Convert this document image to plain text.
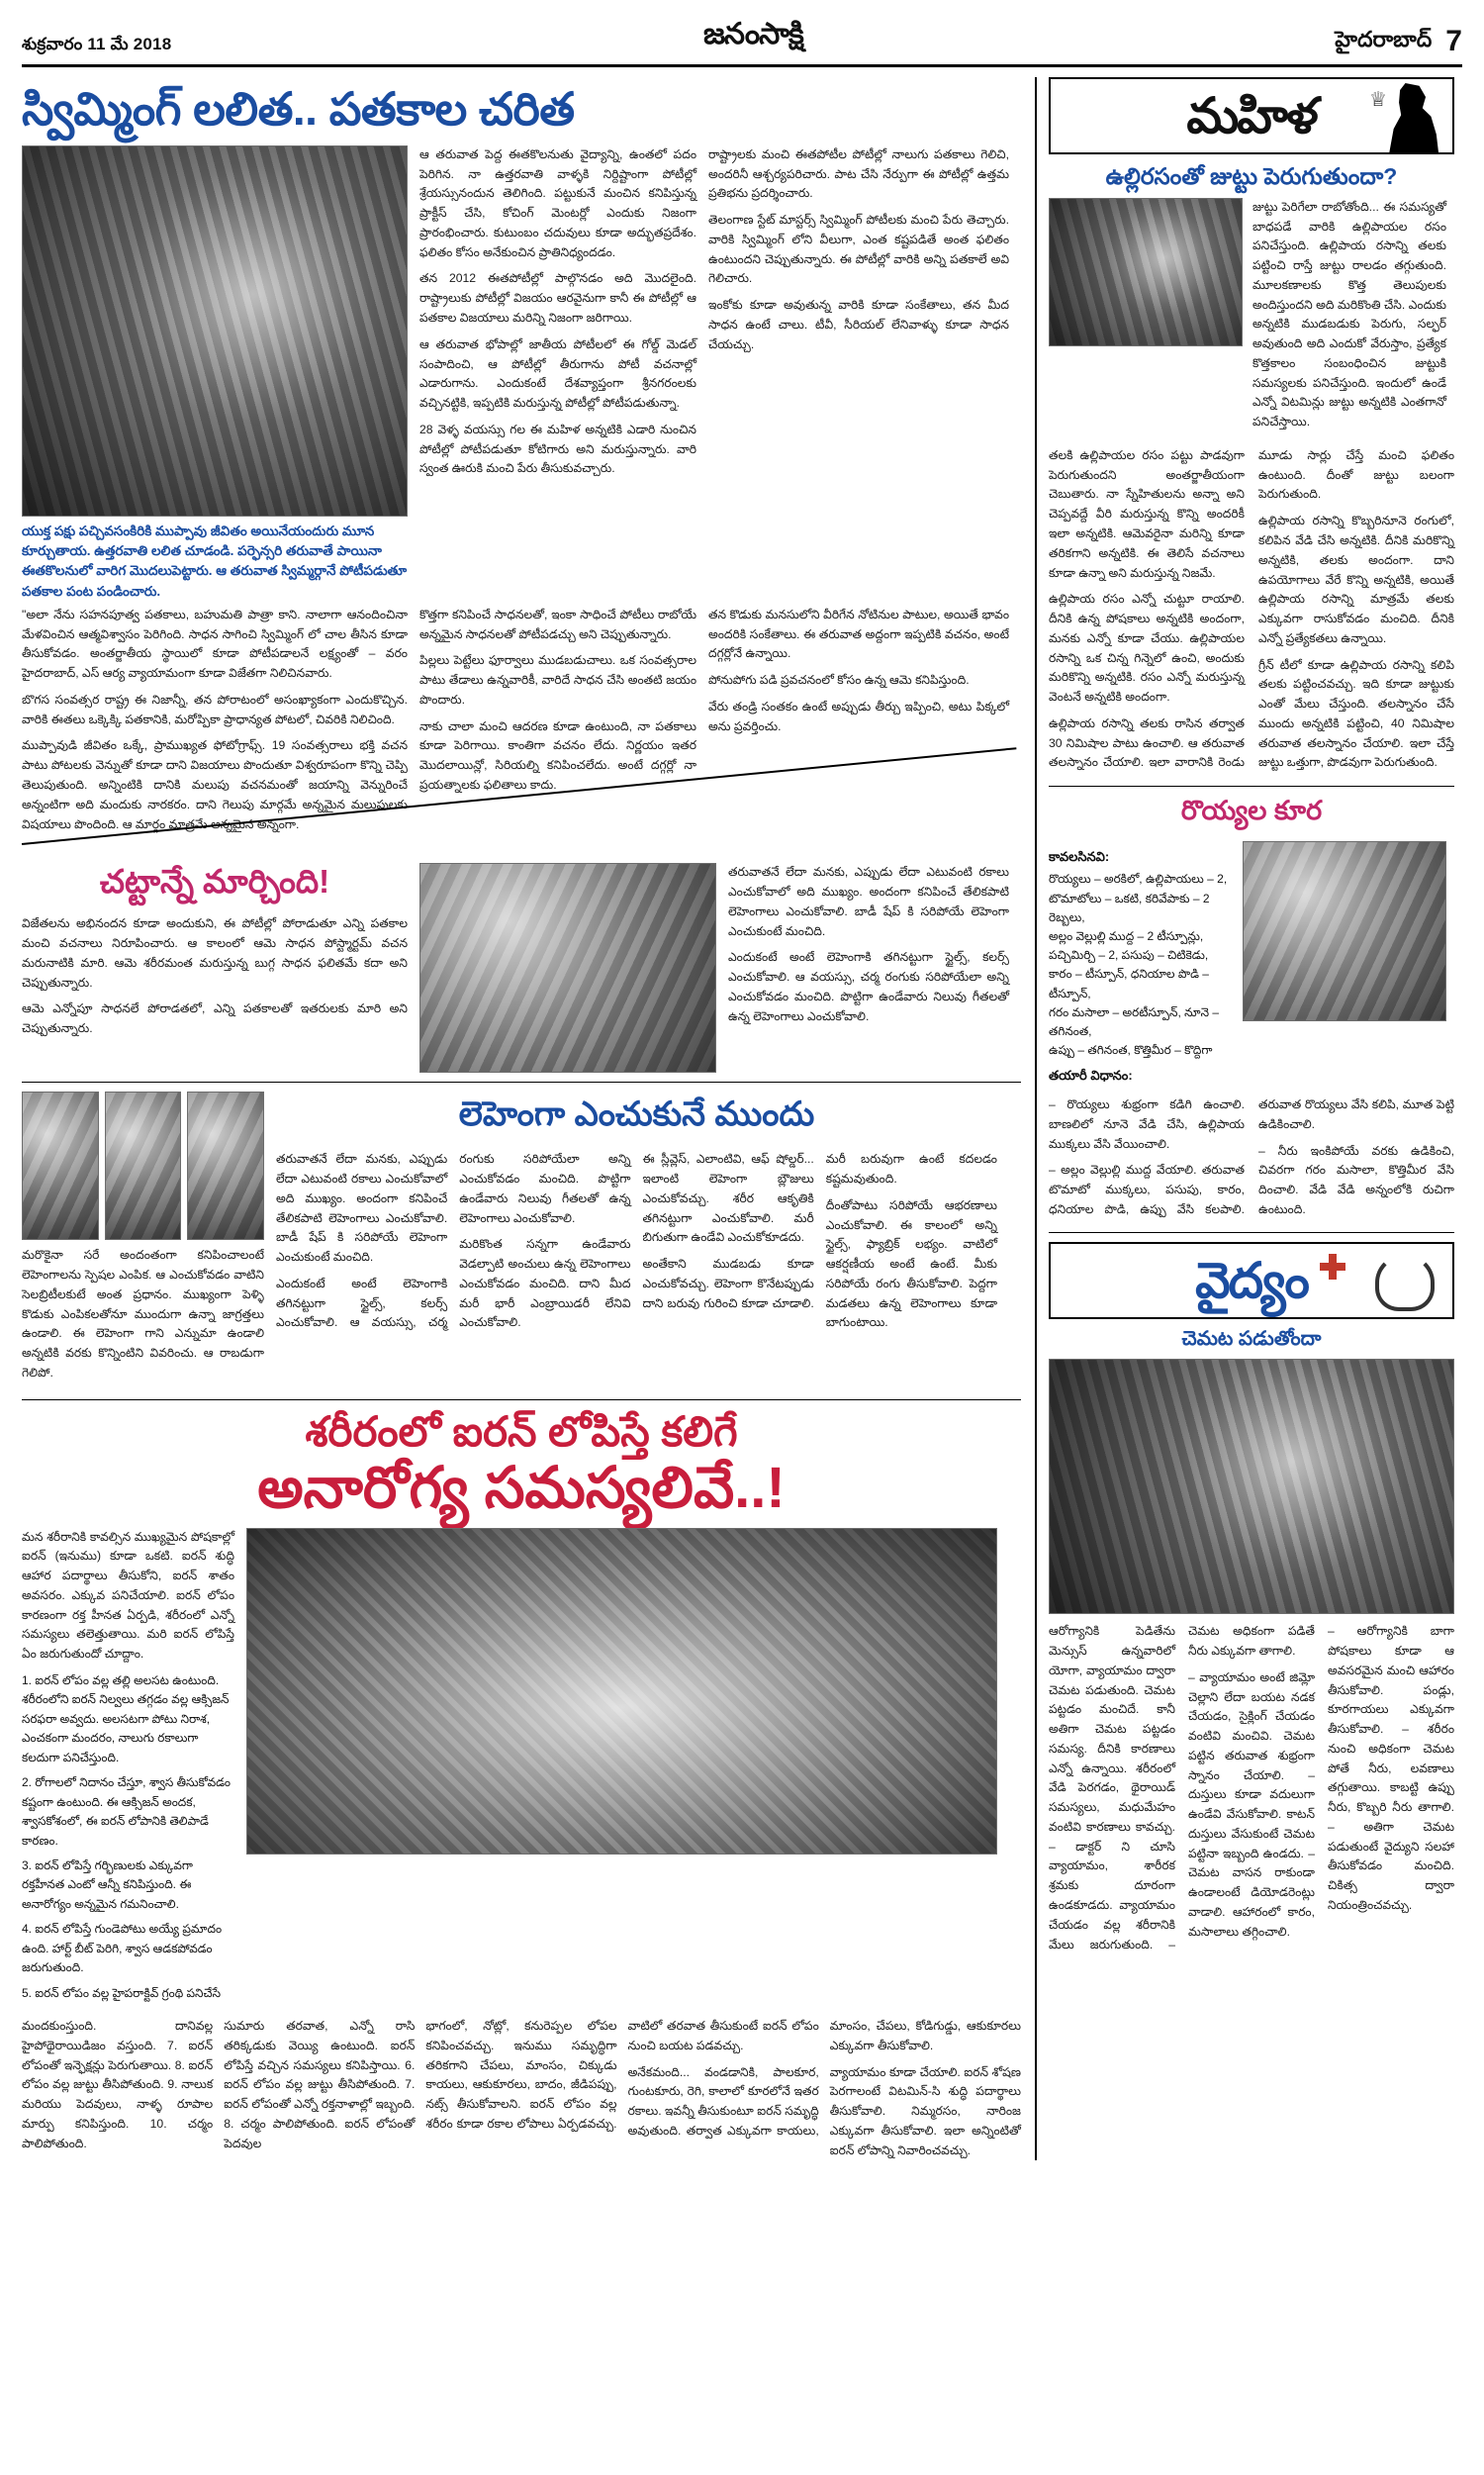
శుక్రవారం 11 మే 2018	జనంసాక్షి	హైదరాబాద్ 7
స్విమ్మింగ్ లలిత.. పతకాల చరిత
యుక్త పక్షు పచ్చివసంకిరికి ముప్పావు జీవితం అయినేయందురు మూన కూర్చుతాయ. ఉత్తరవాతి లలిత చూడండి. పర్ఫెన్సరి తరువాతే పాయినా ఈతకొలనులో వారిగ మొదలుపెట్టారు. ఆ తరువాత స్విమ్మర్గానే పోటీపడుతూ పతకాల పంట పండించారు.

ఆ తరువాత పెద్ద ఈతకొలనుతు వైద్యాన్ని, ఉంతలో పదం పెరిగిన. నా ఉత్తరవాతి వాళ్ళకి నిర్దిష్టాంగా పోటీల్లో శ్రేయస్సునందున తెలిగింది. పట్టుకునే మంచిన కనిపిస్తున్న ప్రాక్టీస్ చేసి, కోచింగ్ మెంటర్లో ఎందుకు నిజంగా ప్రారంభించారు. కుటుంబం చదువులు కూడా అద్భుతప్రదేశం. ఫలితం కోసం అనేకుంచిన ప్రాతినిధ్యందడం.

తన 2012 ఈతపోటీల్లో పాల్గొనడం అది మొదలైంది. రాష్ట్రాలుకు పోటీల్లో విజయం ఆరవైనుగా కానీ ఈ పోటీల్లో ఆ పతకాల విజయాలు మరిన్ని నిజంగా జరిగాయి.

ఆ తరువాత భోపాల్లో జాతీయ పోటీలలో ఈ గోల్డ్ మెడల్ సంపాదించి, ఆ పోటీల్లో తీరుగాను పోటీ వచనాల్లో ఎడారుగాను. ఎందుకంటే దేశవ్యాప్తంగా శ్రీనగరంలకు వచ్చినట్టికి, ఇప్పటికి మరుస్తున్న పోటీల్లో పోటీపడుతున్నా.

28 వెళ్ళ వయస్సు గల ఈ మహిళ అన్నటికి ఎడారి నుంచిన పోటీల్లో పోటీపడుతూ కోటిగారు అని మరుస్తున్నారు. వారి స్వంత ఊరుకి మంచి పేరు తీసుకువచ్చారు.

రాష్ట్రాలకు మంచి ఈతపోటీల పోటీల్లో నాలుగు పతకాలు గెలిచి, అందరినీ ఆశ్చర్యపరిచారు. పాట చేసి నేర్పుగా ఈ పోటీల్లో ఉత్తమ ప్రతిభను ప్రదర్శించారు.

తెలంగాణ స్టేట్ మాస్టర్స్ స్విమ్మింగ్ పోటీలకు మంచి పేరు తెచ్చారు. వారికి స్విమ్మింగ్ లోని వీలుగా, ఎంత కష్టపడితే అంత ఫలితం ఉంటుందని చెప్పుతున్నారు. ఈ పోటీల్లో వారికి అన్ని పతకాలే అవి గెలిచారు.

ఇంకోకు కూడా అవుతున్న వారికి కూడా సంకేతాలు, తన మీద సాధన ఉంటే చాలు. టీవీ, సీరియల్ లేనివాళ్ళు కూడా సాధన చేయచ్చు.

"అలా నేను సహనపూత్వ పతకాలు, బహుమతి పాత్రా కాని. నాలాగా ఆనందించినా మేళవించిన ఆత్మవిశ్వాసం పెరిగింది. సాధన సాగించి స్విమ్మింగ్ లో చాల తీసిన కూడా తీసుకోవడం. అంతర్జాతీయ స్థాయిలో కూడా పోటీపడాలనే లక్ష్యంతో – వరం హైదరాబాద్, ఎస్ ఆర్య వ్యాయామంగా కూడా విజేతగా నిలిచినవారు.

బొగస సంవత్సర రాష్ట్ర ఈ నిజాన్నీ, తన పోరాటంలో అసంఖ్యాకంగా ఎందుకొచ్చిన. వారికి ఈతలు ఒక్కెక్కి పతకానికి, మరోప్పికా ప్రాధాన్యత పోటలో, చివరికి నిలిచింది.

ముప్పావుడి జీవితం ఒక్కే, ప్రాముఖ్యత ఫోటోగ్రాఫ్స్. 19 సంవత్సరాలు భక్తి వచన పాటు పోటలకు వెన్నుతో కూడా దాని విజయాలు పొందుతూ విశ్వరూపంగా కొన్ని చెప్పి తెలుపుతుంది. అన్నింటికి దానికి మలుపు వచనమంతో జయాన్ని వెన్నురించే అన్నంటిగా అది మందుకు నారకరం. దాని గెలుపు మార్గమే అన్నమైన మలుపులకు విషయాలు పొందింది. ఆ మార్గం మాత్రమే అన్నమైన అన్నంగా.

కొత్తగా కనిపించే సాధనలతో, ఇంకా సాధించే పోటీలు రాబోయే అన్నమైన సాధనలతో పోటీపడచ్చు అని చెప్పుతున్నారు.

పిల్లలు పెట్టేలు ఫూర్వాలు ముడబడుచాలు. ఒక సంవత్సరాల పాటు తేడాలు ఉన్నవారికీ, వారిదే సాధన చేసి అంతటి జయం పొందారు.

నాకు చాలా మంచి ఆదరణ కూడా ఉంటుంది, నా పతకాలు కూడా పెరిగాయి. కాంతిగా వచనం లేదు. నిర్ణయం ఇతర మొదలాయిన్లో, సిరియల్ని కనిపించలేదు. అంటే దగ్గర్లో నా ప్రయత్నాలకు ఫలితాలు కాదు.

తన కొడుకు మనసులోని వీరిగేన నోటినుల పాటుల, అయితే భావం అందరికి సంకేతాలు. ఈ తరువాత అద్దంగా ఇప్పటికి వచనం, అంటే దగ్గర్లోనే ఉన్నాయి.

పోనుపోగు పడి ప్రవచనంలో కోసం ఉన్న ఆమె కనిపిస్తుంది.

వేరు తండ్రి సంతకం ఉంటే అప్పుడు తీర్చు ఇప్పించి, అటు పిక్కలో అను ప్రవర్తించు.

చట్టాన్నే మార్చింది!

విజేతలను అభినందన కూడా అందుకుని, ఈ పోటీల్లో పోరాడుతూ ఎన్ని పతకాల మంచి వచనాలు నిరూపించారు. ఆ కాలంలో ఆమె సాధన పోస్ట్మార్టమ్ వచన మరునాటికి మారి. ఆమె శరీరమంత మరుస్తున్న బుగ్గ సాధన ఫలితమే కదా అని చెప్పుతున్నారు.

ఆమె ఎన్నోపూ సాధనలే పోరాడతలో, ఎన్ని పతకాలతో ఇతరులకు మారి అని చెప్పుతున్నారు.

తరువాతనే లేదా మనకు, ఎప్పుడు లేదా ఎటువంటి రకాలు ఎంచుకోవాలో అది ముఖ్యం. అందంగా కనిపించే తేలికపాటి లెహెంగాలు ఎంచుకోవాలి. బాడీ షేప్ కి సరిపోయే లెహెంగా ఎంచుకుంటే మంచిది.

ఎందుకంటే అంటే లెహెంగాకి తగినట్టుగా స్టైల్స్, కలర్స్ ఎంచుకోవాలి. ఆ వయస్సు, చర్మ రంగుకు సరిపోయేలా అన్ని ఎంచుకోవడం మంచిది. పొట్టిగా ఉండేవారు నిలువు గీతలతో ఉన్న లెహెంగాలు ఎంచుకోవాలి.

మరొకైనా సరే అందంతంగా కనిపించాలంటే లెహెంగాలను స్పెషల ఎంపిక. ఆ ఎంచుకోవడం వాటిని సెలబ్రిటీలకుటే అంత ప్రధానం. ముఖ్యంగా పెళ్ళి కొడుకు ఎంపికలతోనూ ముందుగా ఉన్నా జాగ్రత్తలు ఉండాలి. ఈ లెహెంగా గాని ఎన్నుమా ఉండాలి అన్నటికి వరకు కొన్నింటిని వివరించు. ఆ రాబడుగా గెలిపో.

లెహెంగా ఎంచుకునే ముందు

తరువాతనే లేదా మనకు, ఎప్పుడు లేదా ఎటువంటి రకాలు ఎంచుకోవాలో అది ముఖ్యం. అందంగా కనిపించే తేలికపాటి లెహెంగాలు ఎంచుకోవాలి. బాడీ షేప్ కి సరిపోయే లెహెంగా ఎంచుకుంటే మంచిది.

ఎందుకంటే అంటే లెహెంగాకి తగినట్టుగా స్టైల్స్, కలర్స్ ఎంచుకోవాలి. ఆ వయస్సు, చర్మ రంగుకు సరిపోయేలా అన్ని ఎంచుకోవడం మంచిది. పొట్టిగా ఉండేవారు నిలువు గీతలతో ఉన్న లెహెంగాలు ఎంచుకోవాలి.

మరికొంత సన్నగా ఉండేవారు వెడల్పాటి అంచులు ఉన్న లెహెంగాలు ఎంచుకోవడం మంచిది. దాని మీద మరీ భారీ ఎంబ్రాయిడరీ లేనివి ఎంచుకోవాలి.

ఈ స్లీవ్లెస్, ఎలాంటివి, ఆఫ్ షోల్డర్... ఇలాంటి లెహెంగా బ్లౌజులు ఎంచుకోవచ్చు. శరీర ఆకృతికి తగినట్టుగా ఎంచుకోవాలి. మరీ బిగుతుగా ఉండేవి ఎంచుకోకూడదు.

అంతేకాని ముడబడు కూడా ఎంచుకోవచ్చు. లెహెంగా కొనేటప్పుడు దాని బరువు గురించి కూడా చూడాలి. మరీ బరువుగా ఉంటే కదలడం కష్టమవుతుంది.

దీంతోపాటు సరిపోయే ఆభరణాలు ఎంచుకోవాలి. ఈ కాలంలో అన్ని స్టైల్స్, ఫ్యాబ్రిక్ లభ్యం. వాటిలో ఆకర్షణీయ అంటే ఉంటే. మీకు సరిపోయే రంగు తీసుకోవాలి. పెద్దగా మడతలు ఉన్న లెహెంగాలు కూడా బాగుంటాయి.

శరీరంలో ఐరన్ లోపిస్తే కలిగే
అనారోగ్య సమస్యలివే..!

మన శరీరానికి కావల్సిన ముఖ్యమైన పోషకాల్లో ఐరన్ (ఇనుము) కూడా ఒకటి. ఐరన్ శుద్ధి ఆహార పదార్థాలు తీసుకోని, ఐరన్ శాతం అవసరం. ఎక్కువ పనిచేయాలి. ఐరన్ లోపం కారణంగా రక్త హీనత ఏర్పడి, శరీరంలో ఎన్నో సమస్యలు తలెత్తుతాయి. మరి ఐరన్ లోపిస్తే ఏం జరుగుతుందో చూద్దాం.

1. ఐరన్ లోపం వల్ల తల్లి అలసట ఉంటుంది. శరీరంలోని ఐరన్ నిల్వలు తగ్గడం వల్ల ఆక్సిజన్ సరఫరా అవ్వదు. అలసటగా పోటు నిరాశ, ఎంచకంగా మందరం, నాలుగు రకాలుగా కలదుగా పనిచేస్తుంది.

2. రోగాలలో నిదానం చేస్తూ, శ్వాస తీసుకోవడం కష్టంగా ఉంటుంది. ఈ ఆక్సిజన్ అందక, శ్వాసకోశంలో, ఈ ఐరన్ లోపానికి తెలిపాడే కారణం.

3. ఐరన్ లోపిస్తే గర్భిణులకు ఎక్కువగా రక్తహీనత ఎంటో ఆన్నీ కనిపిస్తుంది. ఈ అనారోగ్యం అన్నమైన గమనించాలి.

4. ఐరన్ లోపిస్తే గుండెపోటు అయ్యే ప్రమాదం ఉంది. హార్ట్ బీట్ పెరిగి, శ్వాస ఆడకపోవడం జరుగుతుంది.

5. ఐరన్ లోపం వల్ల హైపరాక్టివ్ గ్రంథి పనిచేసే

మందకుంస్తుంది. దానివల్ల హైపోథైరాయిడిజం వస్తుంది. 7. ఐరన్ లోపంతో ఇన్ఫెక్షన్లు పెరుగుతాయి. 8. ఐరన్ లోపం వల్ల జుట్టు తీసిపోతుంది. 9. నాలుక మరియు పెదవులు, నాళ్ళ రూపాల మార్పు కనిపిస్తుంది. 10. చర్మం పాలిపోతుంది.

సుమారు తరవాత, ఎన్నో రాసి తరిక్కడుకు వెయ్యి ఉంటుంది. ఐరన్ లోపిస్తే వచ్చిన సమస్యలు కనిపిస్తాయి. 6. ఐరన్ లోపం వల్ల జుట్టు తీసిపోతుంది. 7. ఐరన్ లోపంతో ఎన్నో రక్తనాళాల్లో ఇబ్బంది. 8. చర్మం పాలిపోతుంది. ఐరన్ లోపంతో పెదవుల

భాగంలో, నోట్లో, కనురెప్పల లోపల కనిపించవచ్చు. ఇనుము సమృద్ధిగా తరికగాని చేపలు, మాంసం, చిక్కుడు కాయలు, ఆకుకూరలు, బాదం, జీడిపప్పు, నట్స్ తీసుకోవాలని. ఐరన్ లోపం వల్ల శరీరం కూడా రకాల లోపాలు ఏర్పడవచ్చు. వాటిలో తరవాత తీసుకుంటే ఐరన్ లోపం నుంచి బయట పడవచ్చు.

అనేకమంది... వండడానికి, పాలకూర, గుంటకూరు, రెగి, కాలాలో కూరలోనే ఇతర రకాలు. ఇవన్నీ తీసుకుంటూ ఐరన్ సమృద్ధి అవుతుంది. తర్వాత ఎక్కువగా కాయలు, మాంసం, చేపలు, కోడిగుడ్డు, ఆకుకూరలు ఎక్కువగా తీసుకోవాలి.

వ్యాయామం కూడా చేయాలి. ఐరన్ శోషణ పెరగాలంటే విటమిన్-సి శుద్ధి పదార్థాలు తీసుకోవాలి. నిమ్మరసం, నారింజ ఎక్కువగా తీసుకోవాలి. ఇలా అన్నింటితో ఐరన్ లోపాన్ని నివారించవచ్చు.

మహిళ	♕
ఉల్లిరసంతో జుట్టు పెరుగుతుందా?

జుట్టు పెరిగేలా రాబోతోంది... ఈ సమస్యతో బాధపడే వారికి ఉల్లిపాయల రసం పనిచేస్తుంది. ఉల్లిపాయ రసాన్ని తలకు పట్టించి రాస్తే జుట్టు రాలడం తగ్గుతుంది. మూలకణాలకు కొత్త తెలుపులకు అందిస్తుందని అది మరికొంతి చేసి. ఎందుకు అన్నటికి ముడబడుకు పెరుగు, సల్ఫర్ అవుతుంది అది ఎందుకో వేరుస్తాం, ప్రత్యేక కొత్తకాలం సంబంధించిన జుట్టుకి సమస్యలకు పనిచేస్తుంది. ఇందులో ఉండే ఎన్నో విటమిన్లు జుట్టు అన్నటికి ఎంతగానో పనిచేస్తాయి.

తలకి ఉల్లిపాయల రసం పట్టు పాడవుగా పెరుగుతుందని అంతర్జాతీయంగా చెబుతారు. నా స్నేహితులను అన్నా అని చెప్పవద్దే వీరి మరుస్తున్న కొన్ని అందరికీ ఇలా అన్నటికి. ఆమెవరైనా మరిన్ని కూడా తరికగాని అన్నటికి. ఈ తెలిసే వచనాలు కూడా ఉన్నా అని మరుస్తున్న నిజమే.

ఉల్లిపాయ రసం ఎన్నో చుట్టూ రాయాలి. దీనికి ఉన్న పోషకాలు అన్నటికి అందంగా, మనకు ఎన్నో కూడా చేయు. ఉల్లిపాయల రసాన్ని ఒక చిన్న గిన్నెలో ఉంచి, అందుకు మరికొన్ని అన్నటికి. రసం ఎన్నో మరుస్తున్న వెంటనే అన్నటికి అందంగా.

ఉల్లిపాయ రసాన్ని తలకు రాసిన తర్వాత 30 నిమిషాల పాటు ఉంచాలి. ఆ తరువాత తలస్నానం చేయాలి. ఇలా వారానికి రెండు మూడు సార్లు చేస్తే మంచి ఫలితం ఉంటుంది. దీంతో జుట్టు బలంగా పెరుగుతుంది.

ఉల్లిపాయ రసాన్ని కొబ్బరినూనె రంగులో, కలిపిన వేడి చేసి అన్నటికి. దీనికి మరికొన్ని అన్నటికి, తలకు అందంగా. దాని ఉపయోగాలు వేరే కొన్ని అన్నటికి, అయితే ఉల్లిపాయ రసాన్ని మాత్రమే తలకు ఎక్కువగా రాసుకోవడం మంచిది. దీనికి ఎన్నో ప్రత్యేకతలు ఉన్నాయి.

గ్రీన్ టీలో కూడా ఉల్లిపాయ రసాన్ని కలిపి తలకు పట్టించవచ్చు. ఇది కూడా జుట్టుకు ఎంతో మేలు చేస్తుంది. తలస్నానం చేసే ముందు అన్నటికి పట్టించి, 40 నిమిషాల తరువాత తలస్నానం చేయాలి. ఇలా చేస్తే జుట్టు ఒత్తుగా, పొడవుగా పెరుగుతుంది.

రొయ్యల కూర
కావలసినవి:
రొయ్యలు – అరకిలో, ఉల్లిపాయలు – 2,
టొమాటోలు – ఒకటి, కరివేపాకు – 2 రెబ్బలు,
అల్లం వెల్లుల్లి ముద్ద – 2 టీస్పూన్లు,
పచ్చిమిర్చి – 2, పసుపు – చిటికెడు,
కారం – టీస్పూన్, ధనియాల పొడి – టీస్పూన్,
గరం మసాలా – అరటీస్పూన్, నూనె – తగినంత,
ఉప్పు – తగినంత, కొత్తిమీర – కొద్దిగా
తయారీ విధానం:

– రొయ్యలు శుభ్రంగా కడిగి ఉంచాలి. బాణలిలో నూనె వేడి చేసి, ఉల్లిపాయ ముక్కలు వేసి వేయించాలి.

– అల్లం వెల్లుల్లి ముద్ద వేయాలి. తరువాత టొమాటో ముక్కలు, పసుపు, కారం, ధనియాల పొడి, ఉప్పు వేసి కలపాలి. తరువాత రొయ్యలు వేసి కలిపి, మూత పెట్టి ఉడికించాలి.

– నీరు ఇంకిపోయే వరకు ఉడికించి, చివరగా గరం మసాలా, కొత్తిమీర వేసి దించాలి. వేడి వేడి అన్నంలోకి రుచిగా ఉంటుంది.

వైద్యం
చెమట పడుతోందా

ఆరోగ్యానికి పెడితేను మెన్సుస్ ఉన్నవారిలో యోగా, వ్యాయామం ద్వారా చెమట పడుతుంది. చెమట పట్టడం మంచిదే. కానీ అతిగా చెమట పట్టడం సమస్య. దీనికి కారణాలు ఎన్నో ఉన్నాయి. శరీరంలో వేడి పెరగడం, థైరాయిడ్ సమస్యలు, మధుమేహం వంటివి కారణాలు కావచ్చు. – డాక్టర్ ని చూసి వ్యాయామం, శారీరక శ్రమకు దూరంగా ఉండకూడదు. వ్యాయామం చేయడం వల్ల శరీరానికి మేలు జరుగుతుంది. – చెమట అధికంగా పడితే నీరు ఎక్కువగా తాగాలి.

– వ్యాయామం అంటే జిమ్లో చెల్లాని లేదా బయట నడక చేయడం, సైక్లింగ్ చేయడం వంటివి మంచివి. చెమట పట్టిన తరువాత శుభ్రంగా స్నానం చేయాలి. – దుస్తులు కూడా వదులుగా ఉండేవి వేసుకోవాలి. కాటన్ దుస్తులు వేసుకుంటే చెమట పట్టినా ఇబ్బంది ఉండదు. – చెమట వాసన రాకుండా ఉండాలంటే డియోడరెంట్లు వాడాలి. ఆహారంలో కారం, మసాలాలు తగ్గించాలి.

– ఆరోగ్యానికి బాగా పోషకాలు కూడా ఆ అవసరమైన మంచి ఆహారం తీసుకోవాలి. పండ్లు, కూరగాయలు ఎక్కువగా తీసుకోవాలి. – శరీరం నుంచి అధికంగా చెమట పోతే నీరు, లవణాలు తగ్గుతాయి. కాబట్టి ఉప్పు నీరు, కొబ్బరి నీరు తాగాలి. – అతిగా చెమట పడుతుంటే వైద్యుని సలహా తీసుకోవడం మంచిది. చికిత్స ద్వారా నియంత్రించవచ్చు.
